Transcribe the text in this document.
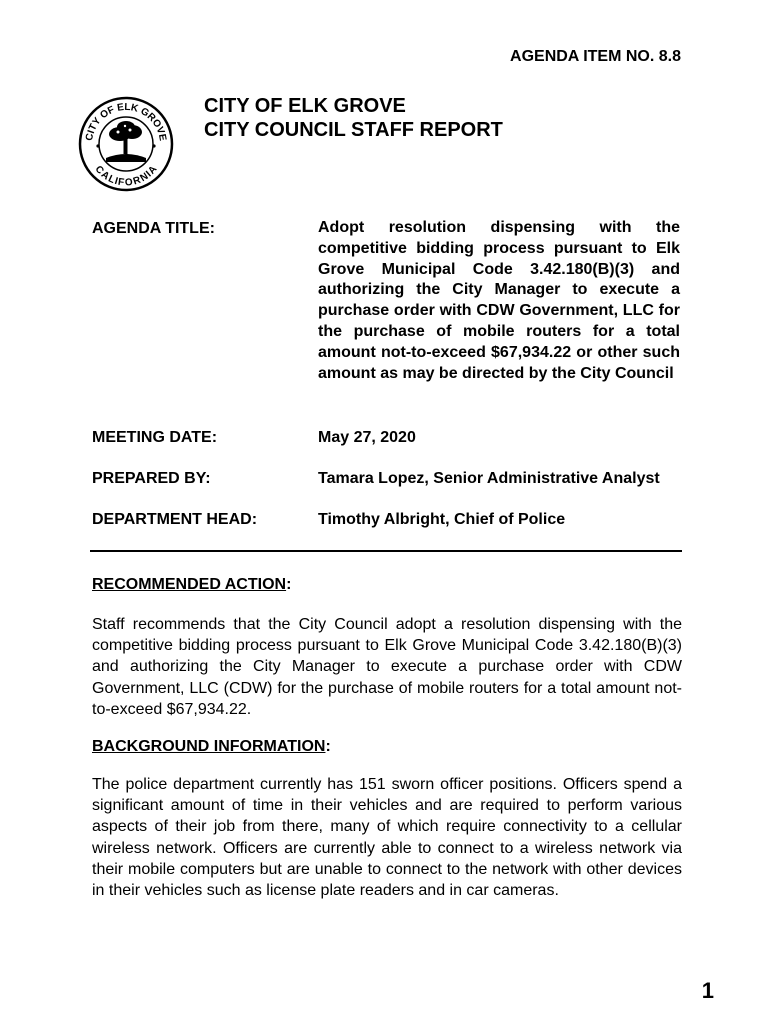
AGENDA ITEM NO. 8.8
CITY OF ELK GROVE
CALIFORNIA
CITY OF ELK GROVE
CITY COUNCIL STAFF REPORT
AGENDA TITLE:	Adopt resolution dispensing with the competitive bidding process pursuant to Elk Grove Municipal Code 3.42.180(B)(3) and authorizing the City Manager to execute a purchase order with CDW Government, LLC for the purchase of mobile routers for a total amount not-to-exceed $67,934.22 or other such amount as may be directed by the City Council
MEETING DATE:	May 27, 2020
PREPARED BY:	Tamara Lopez, Senior Administrative Analyst
DEPARTMENT HEAD:	Timothy Albright, Chief of Police
RECOMMENDED ACTION:
Staff recommends that the City Council adopt a resolution dispensing with the competitive bidding process pursuant to Elk Grove Municipal Code 3.42.180(B)(3) and authorizing the City Manager to execute a purchase order with CDW Government, LLC (CDW) for the purchase of mobile routers for a total amount not-to-exceed $67,934.22.
BACKGROUND INFORMATION:
The police department currently has 151 sworn officer positions. Officers spend a significant amount of time in their vehicles and are required to perform various aspects of their job from there, many of which require connectivity to a cellular wireless network. Officers are currently able to connect to a wireless network via their mobile computers but are unable to connect to the network with other devices in their vehicles such as license plate readers and in car cameras.
1
